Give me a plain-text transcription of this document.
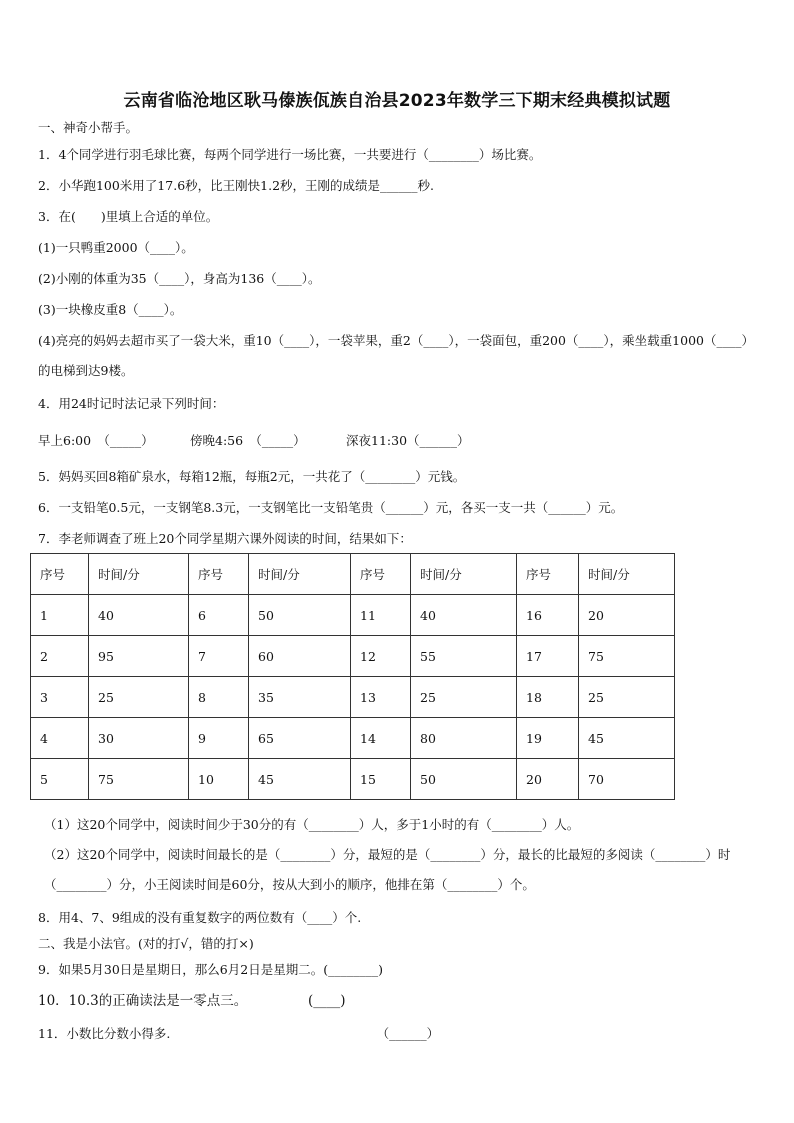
云南省临沧地区耿马傣族佤族自治县2023年数学三下期末经典模拟试题
一、神奇小帮手。
1．4个同学进行羽毛球比赛，每两个同学进行一场比赛，一共要进行（________）场比赛。
2．小华跑100米用了17.6秒，比王刚快1.2秒，王刚的成绩是______秒.
3．在(　　)里填上合适的单位。
(1)一只鸭重2000（____）。
(2)小刚的体重为35（____），身高为136（____）。
(3)一块橡皮重8（____）。
(4)亮亮的妈妈去超市买了一袋大米，重10（____），一袋苹果，重2（____），一袋面包，重200（____），乘坐载重1000（____）的电梯到达9楼。
4．用24时记时法记录下列时间：
早上6:00　（_____）	傍晚4:56　（_____）	深夜11:30（______）
5．妈妈买回8箱矿泉水，每箱12瓶，每瓶2元，一共花了（________）元钱。
6．一支铅笔0.5元，一支钢笔8.3元，一支钢笔比一支铅笔贵（______）元，各买一支一共（______）元。
7．李老师调查了班上20个同学星期六课外阅读的时间，结果如下：
序号	时间/分	序号	时间/分	序号	时间/分	序号	时间/分
1	40	6	50	11	40	16	20
2	95	7	60	12	55	17	75
3	25	8	35	13	25	18	25
4	30	9	65	14	80	19	45
5	75	10	45	15	50	20	70
（1）这20个同学中，阅读时间少于30分的有（________）人，多于1小时的有（________）人。
（2）这20个同学中，阅读时间最长的是（________）分，最短的是（________）分，最长的比最短的多阅读（________）时（________）分，小王阅读时间是60分，按从大到小的顺序，他排在第（________）个。
8．用4、7、9组成的没有重复数字的两位数有（____）个.
二、我是小法官。(对的打√，错的打×)
9．如果5月30日是星期日，那么6月2日是星期二。(________)
10．10.3的正确读法是一零点三。　　　　　(____)
11．小数比分数小得多.　　　　　　　　　　　　　　　　　（______）
